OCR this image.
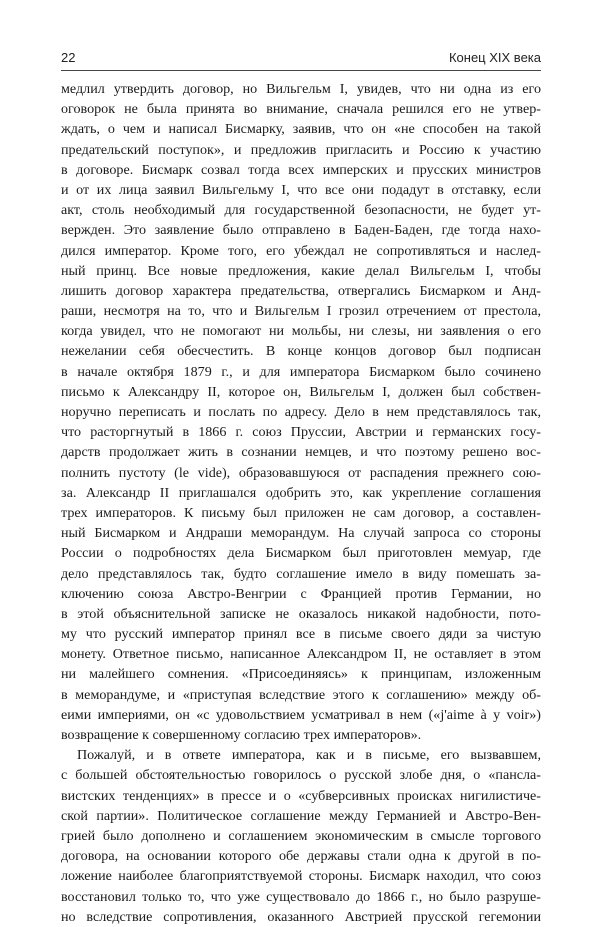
22	Конец XIX века
медлил утвердить договор, но Вильгельм I, увидев, что ни одна из его
оговорок не была принята во внимание, сначала решился его не утвер-
ждать, о чем и написал Бисмарку, заявив, что он «не способен на такой
предательский поступок», и предложив пригласить и Россию к участию
в договоре. Бисмарк созвал тогда всех имперских и прусских министров
и от их лица заявил Вильгельму I, что все они подадут в отставку, если
акт, столь необходимый для государственной безопасности, не будет ут-
вержден. Это заявление было отправлено в Баден-Баден, где тогда нахо-
дился император. Кроме того, его убеждал не сопротивляться и наслед-
ный принц. Все новые предложения, какие делал Вильгельм I, чтобы
лишить договор характера предательства, отвергались Бисмарком и Анд-
раши, несмотря на то, что и Вильгельм I грозил отречением от престола,
когда увидел, что не помогают ни мольбы, ни слезы, ни заявления о его
нежелании себя обесчестить. В конце концов договор был подписан
в начале октября 1879 г., и для императора Бисмарком было сочинено
письмо к Александру II, которое он, Вильгельм I, должен был собствен-
норучно переписать и послать по адресу. Дело в нем представлялось так,
что расторгнутый в 1866 г. союз Пруссии, Австрии и германских госу-
дарств продолжает жить в сознании немцев, и что поэтому решено вос-
полнить пустоту (le vide), образовавшуюся от распадения прежнего сою-
за. Александр II приглашался одобрить это, как укрепление соглашения
трех императоров. К письму был приложен не сам договор, а составлен-
ный Бисмарком и Андраши меморандум. На случай запроса со стороны
России о подробностях дела Бисмарком был приготовлен мемуар, где
дело представлялось так, будто соглашение имело в виду помешать за-
ключению союза Австро-Венгрии с Францией против Германии, но
в этой объяснительной записке не оказалось никакой надобности, пото-
му что русский император принял все в письме своего дяди за чистую
монету. Ответное письмо, написанное Александром II, не оставляет в этом
ни малейшего сомнения. «Присоединяясь» к принципам, изложенным
в меморандуме, и «приступая вследствие этого к соглашению» между об-
еими империями, он «с удовольствием усматривал в нем («j'aime à y voir»)
возвращение к совершенному согласию трех императоров».
Пожалуй, и в ответе императора, как и в письме, его вызвавшем,
с большей обстоятельностью говорилось о русской злобе дня, о «пансла-
вистских тенденциях» в прессе и о «субверсивных происках нигилистиче-
ской партии». Политическое соглашение между Германией и Австро-Вен-
грией было дополнено и соглашением экономическим в смысле торгового
договора, на основании которого обе державы стали одна к другой в по-
ложение наиболее благоприятствуемой стороны. Бисмарк находил, что союз
восстановил только то, что уже существовало до 1866 г., но было разруше-
но вследствие сопротивления, оказанного Австрией прусской гегемонии
